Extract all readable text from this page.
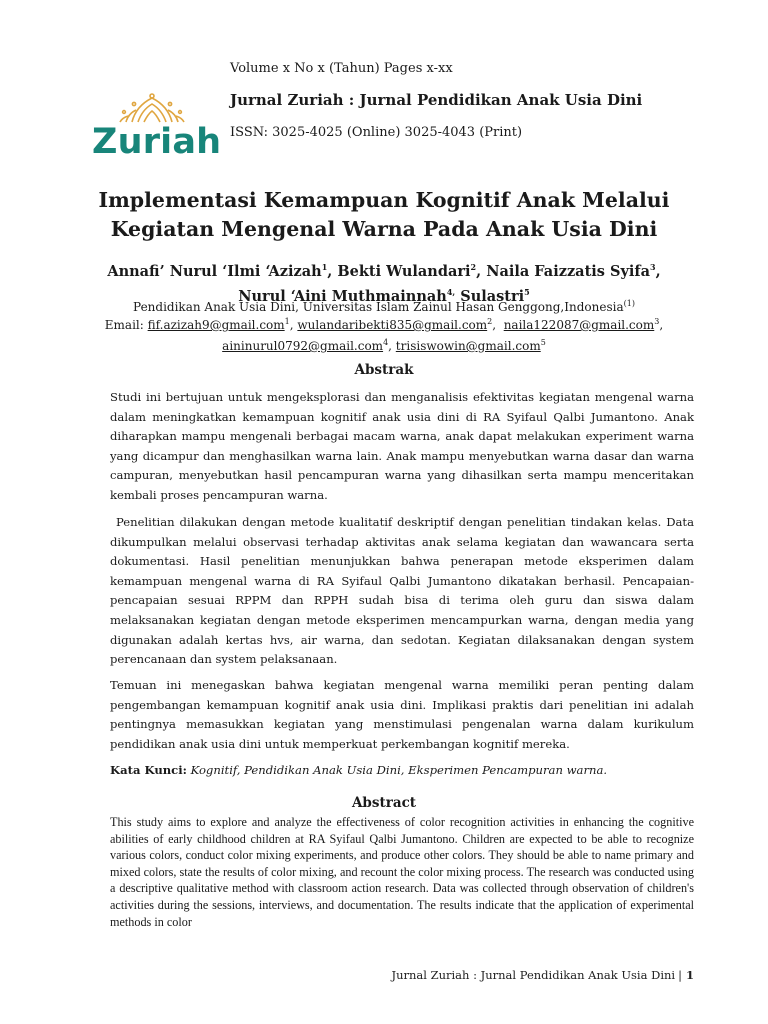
Zuriah
Volume x No x (Tahun) Pages x-xx
Jurnal Zuriah : Jurnal Pendidikan Anak Usia Dini
ISSN: 3025-4025 (Online) 3025-4043 (Print)
Implementasi Kemampuan Kognitif Anak Melalui
Kegiatan Mengenal Warna Pada Anak Usia Dini
Annafi’ Nurul ‘Ilmi ‘Azizah$^1$, Bekti Wulandari$^2$, Naila Faizzatis Syifa$^3$,
Nurul ‘Aini Muthmainnah$^{4,}$ Sulastri$^5$
Pendidikan Anak Usia Dini, Universitas Islam Zainul Hasan Genggong,Indonesia$^{(1)}$
Email: fif.azizah9@gmail.com$^1$, wulandaribekti835@gmail.com$^2$,  naila122087@gmail.com$^3$,
aininurul0792@gmail.com$^4$, trisiswowin@gmail.com$^5$
Abstrak

Studi ini bertujuan untuk mengeksplorasi dan menganalisis efektivitas kegiatan mengenal warna dalam meningkatkan kemampuan kognitif anak usia dini di RA Syifaul Qalbi Jumantono. Anak diharapkan mampu mengenali berbagai macam warna, anak dapat melakukan experiment warna yang dicampur dan menghasilkan warna lain. Anak mampu menyebutkan warna dasar dan warna campuran, menyebutkan hasil pencampuran warna yang dihasilkan serta mampu menceritakan kembali proses pencampuran warna.

Penelitian dilakukan dengan metode kualitatif deskriptif dengan penelitian tindakan kelas. Data dikumpulkan melalui observasi terhadap aktivitas anak selama kegiatan dan wawancara serta dokumentasi. Hasil penelitian menunjukkan bahwa penerapan metode eksperimen dalam kemampuan mengenal warna di RA Syifaul Qalbi Jumantono dikatakan berhasil. Pencapaian-pencapaian sesuai RPPM dan RPPH sudah bisa di terima oleh guru dan siswa dalam melaksanakan kegiatan dengan metode eksperimen mencampurkan warna, dengan media yang digunakan adalah kertas hvs, air warna, dan sedotan. Kegiatan dilaksanakan dengan system perencanaan dan system pelaksanaan.

Temuan ini menegaskan bahwa kegiatan mengenal warna memiliki peran penting dalam pengembangan kemampuan kognitif anak usia dini. Implikasi praktis dari penelitian ini adalah pentingnya memasukkan kegiatan yang menstimulasi pengenalan warna dalam kurikulum pendidikan anak usia dini untuk memperkuat perkembangan kognitif mereka.

Kata Kunci: Kognitif, Pendidikan Anak Usia Dini, Eksperimen Pencampuran warna.
Abstract

This study aims to explore and analyze the effectiveness of color recognition activities in enhancing the cognitive abilities of early childhood children at RA Syifaul Qalbi Jumantono. Children are expected to be able to recognize various colors, conduct color mixing experiments, and produce other colors. They should be able to name primary and mixed colors, state the results of color mixing, and recount the color mixing process. The research was conducted using a descriptive qualitative method with classroom action research. Data was collected through observation of children's activities during the sessions, interviews, and documentation. The results indicate that the application of experimental methods in color

Jurnal Zuriah : Jurnal Pendidikan Anak Usia Dini | 1
